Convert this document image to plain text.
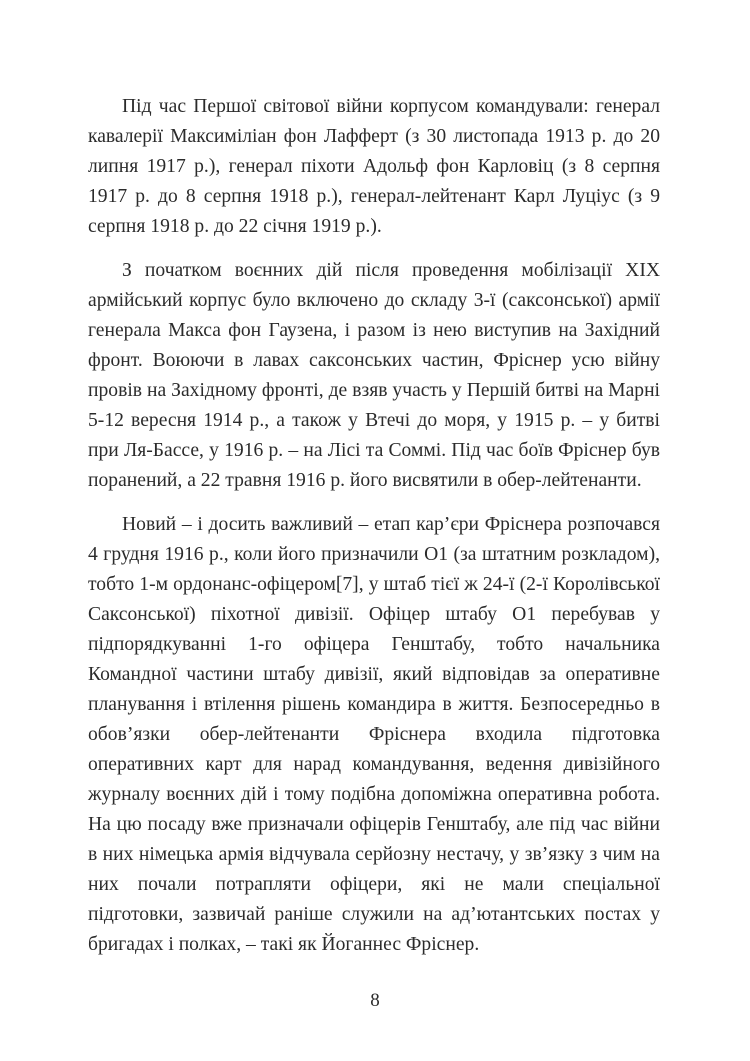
Під час Першої світової війни корпусом командували: генерал кавалерії Максиміліан фон Лафферт (з 30 листопада 1913 р. до 20 липня 1917 р.), генерал піхоти Адольф фон Карловіц (з 8 серпня 1917 р. до 8 серпня 1918 р.), генерал-лейтенант Карл Луціус (з 9 серпня 1918 р. до 22 січня 1919 р.).

З початком воєнних дій після проведення мобілізації XIX армійський корпус було включено до складу 3-ї (саксонської) армії генерала Макса фон Гаузена, і разом із нею виступив на Західний фронт. Воюючи в лавах саксонських частин, Фріснер усю війну провів на Західному фронті, де взяв участь у Першій битві на Марні 5-12 вересня 1914 р., а також у Втечі до моря, у 1915 р. – у битві при Ля-Бассе, у 1916 р. – на Лісі та Соммі. Під час боїв Фріснер був поранений, а 22 травня 1916 р. його висвятили в обер-лейтенанти.

Новий – і досить важливий – етап кар’єри Фріснера розпочався 4 грудня 1916 р., коли його призначили O1 (за штатним розкладом), тобто 1-м ордонанс-офіцером[7], у штаб тієї ж 24-ї (2-ї Королівської Саксонської) піхотної дивізії. Офіцер штабу O1 перебував у підпорядкуванні 1-го офіцера Генштабу, тобто начальника Командної частини штабу дивізії, який відповідав за оперативне планування і втілення рішень командира в життя. Безпосередньо в обов’язки обер-лейтенанти Фріснера входила підготовка оперативних карт для нарад командування, ведення дивізійного журналу воєнних дій і тому подібна допоміжна оперативна робота. На цю посаду вже призначали офіцерів Генштабу, але під час війни в них німецька армія відчувала серйозну нестачу, у зв’язку з чим на них почали потрапляти офіцери, які не мали спеціальної підготовки, зазвичай раніше служили на ад’ютантських постах у бригадах і полках, – такі як Йоганнес Фріснер.

8
